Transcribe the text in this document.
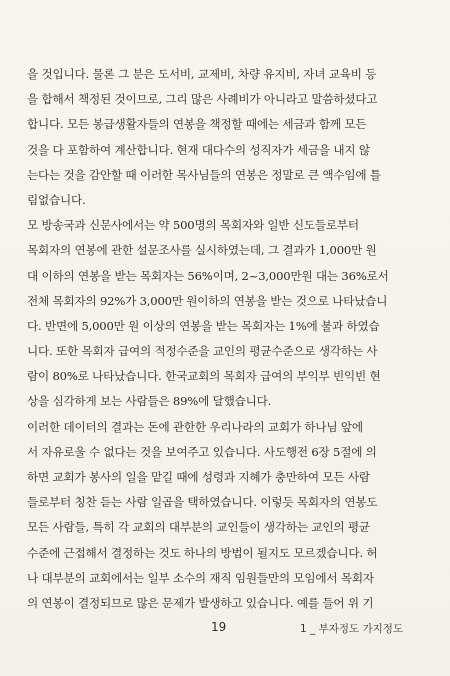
을 것입니다. 물론 그 분은 도서비, 교제비, 차량 유지비, 자녀 교육비 등
을 합해서 책정된 것이므로, 그리 많은 사례비가 아니라고 말씀하셨다고
합니다. 모든 봉급생활자들의 연봉을 책정할 때에는 세금과 함께 모든
것을 다 포함하여 계산합니다. 현재 대다수의 성직자가 세금을 내지 않
는다는 것을 감안할 때 이러한 목사님들의 연봉은 정말로 큰 액수임에 틀
림없습니다.
모 방송국과 신문사에서는 약 500명의 목회자와 일반 신도들로부터
목회자의 연봉에 관한 설문조사를 실시하였는데, 그 결과가 1,000만 원
대 이하의 연봉을 받는 목회자는 56%이며, 2~3,000만원 대는 36%로서
전체 목회자의 92%가 3,000만 원이하의 연봉을 받는 것으로 나타났습니
다. 반면에 5,000만 원 이상의 연봉을 받는 목회자는 1%에 불과 하였습
니다. 또한 목회자 급여의 적정수준을 교인의 평균수준으로 생각하는 사
람이 80%로 나타났습니다. 한국교회의 목회자 급여의 부익부 빈익빈 현
상을 심각하게 보는 사람들은 89%에 달했습니다.
이러한 데이터의 결과는 돈에 관한한 우리나라의 교회가 하나님 앞에
서 자유로울 수 없다는 것을 보여주고 있습니다. 사도행전 6장 5절에 의
하면 교회가 봉사의 일을 맡길 때에 성령과 지혜가 충만하여 모든 사람
들로부터 칭찬 듣는 사람 일곱을 택하였습니다. 이렇듯 목회자의 연봉도
모든 사람들, 특히 각 교회의 대부분의 교인들이 생각하는 교인의 평균
수준에 근접해서 결정하는 것도 하나의 방법이 될지도 모르겠습니다. 허
나 대부분의 교회에서는 일부 소수의 재직 임원들만의 모임에서 목회자
의 연봉이 결정되므로 많은 문제가 발생하고 있습니다. 예를 들어 위 기
19	1 _ 부자정도 가지정도
